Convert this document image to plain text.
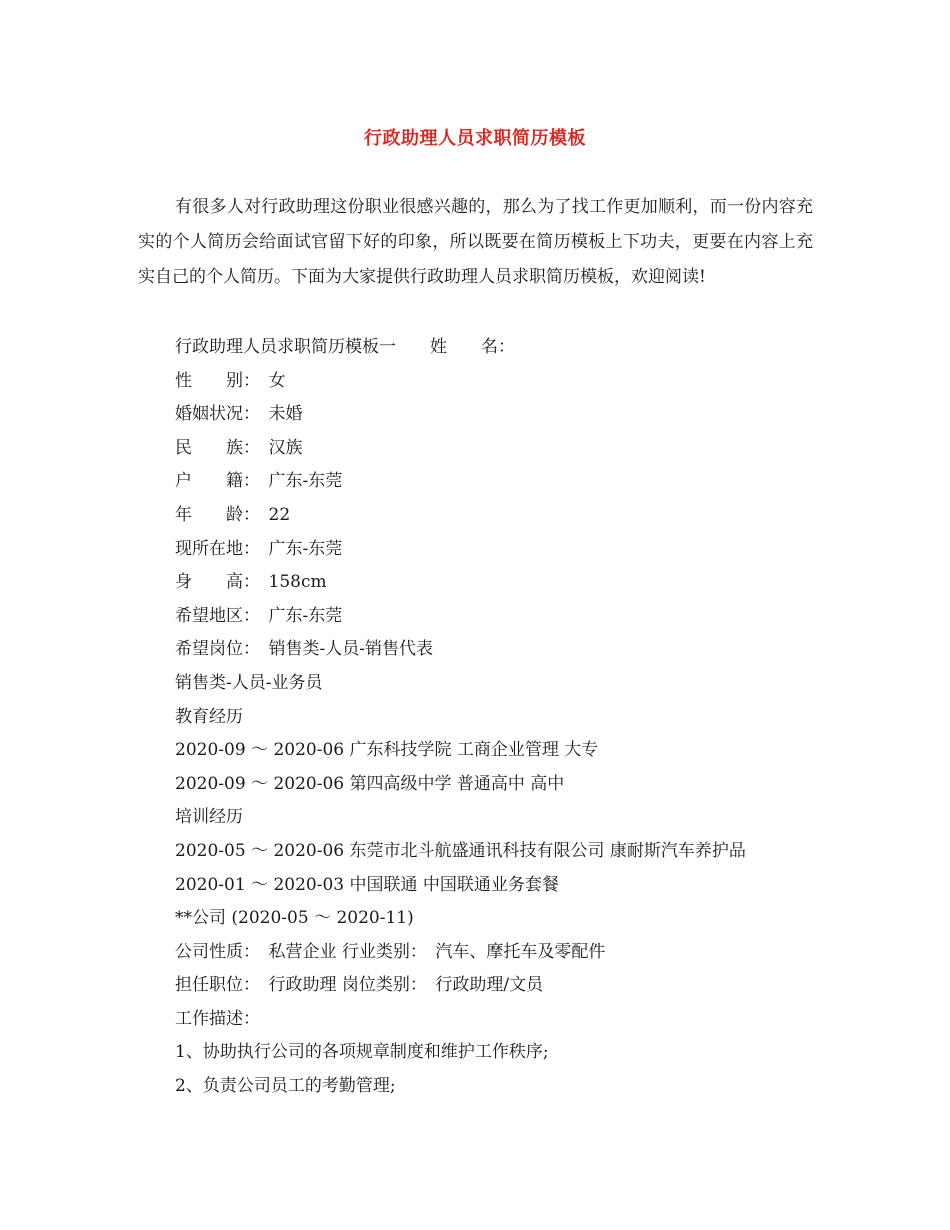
行政助理人员求职简历模板

有很多人对行政助理这份职业很感兴趣的，那么为了找工作更加顺利，而一份内容充实的个人简历会给面试官留下好的印象，所以既要在简历模板上下功夫，更要在内容上充实自己的个人简历。下面为大家提供行政助理人员求职简历模板，欢迎阅读!

行政助理人员求职简历模板一　　姓　　名：
性　　别：　女
婚姻状况：　未婚
民　　族：　汉族
户　　籍：　广东-东莞
年　　龄：　22
现所在地：　广东-东莞
身　　高：　158cm
希望地区：　广东-东莞
希望岗位：　销售类-人员-销售代表
销售类-人员-业务员
教育经历
2020-09 ～ 2020-06 广东科技学院 工商企业管理 大专
2020-09 ～ 2020-06 第四高级中学 普通高中 高中
培训经历
2020-05 ～ 2020-06 东莞市北斗航盛通讯科技有限公司 康耐斯汽车养护品
2020-01 ～ 2020-03 中国联通 中国联通业务套餐
**公司 (2020-05 ～ 2020-11)
公司性质：　私营企业 行业类别：　汽车、摩托车及零配件
担任职位：　行政助理 岗位类别：　行政助理/文员
工作描述：
1、协助执行公司的各项规章制度和维护工作秩序;
2、负责公司员工的考勤管理;
